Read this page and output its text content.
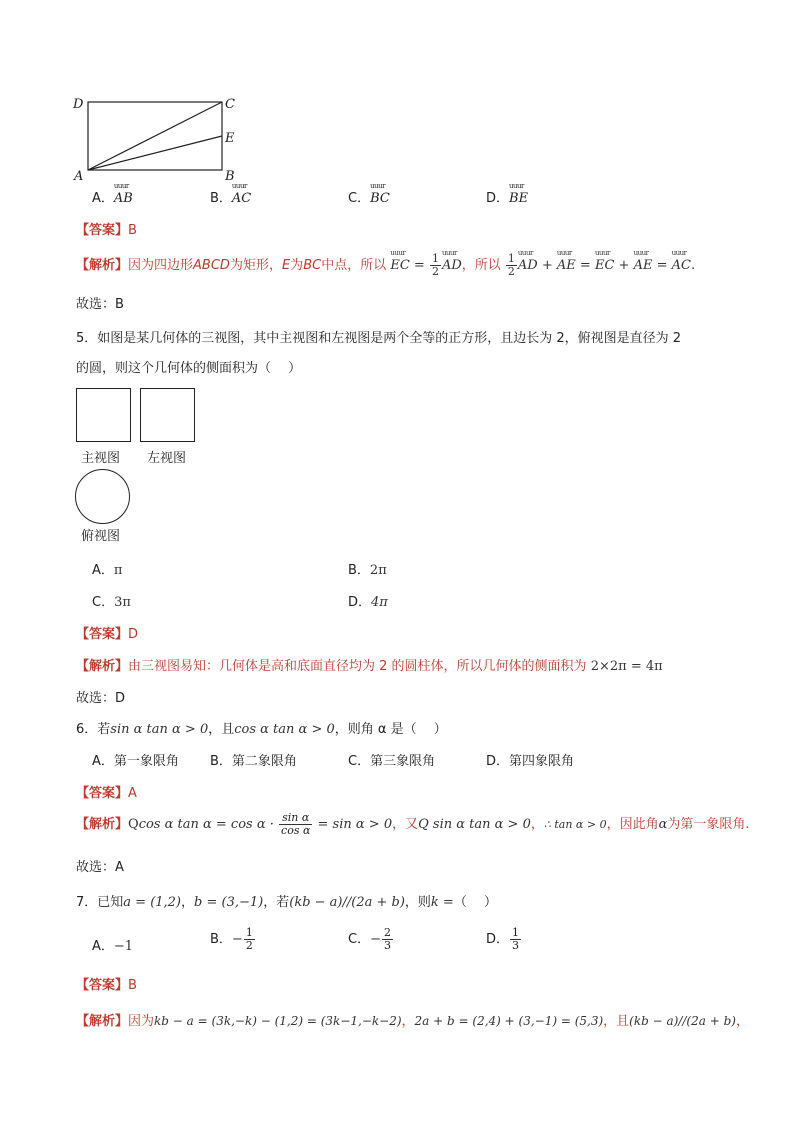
D	C
E
A	B
A．uuur AB	B．uuur AC	C．uuur BC	D．uuur BE
【答案】B
【解析】因为四边形ABCD为矩形，E为BC中点，所以 uuur EC = $\frac{1}{2}$ uuur AD，所以 $\frac{1}{2}$ uuur AD + uuur AE = uuur EC + uuur AE = uuur AC.
故选：B
5．如图是某几何体的三视图，其中主视图和左视图是两个全等的正方形，且边长为 2，俯视图是直径为 2
的圆，则这个几何体的侧面积为（　 ）
主视图 左视图
俯视图
A．π	B．2π
C．3π	D．4π
【答案】D
【解析】由三视图易知：几何体是高和底面直径均为 2 的圆柱体，所以几何体的侧面积为 2×2π = 4π
故选：D
6．若sin α tan α > 0，且cos α tan α > 0，则角 α 是（　 ）
A．第一象限角 B．第二象限角	C．第三象限角	D．第四象限角
【答案】A
【解析】Qcos α $\tan \alpha = \cos \alpha \cdot \frac{\text{sin α}}{\text{cos α}} = \sin \alpha > 0$，又Q sin α tan α > 0，∴ tan α > 0，因此角α为第一象限角.
故选：A
7．已知a = (1,2)，b = (3,−1)，若(kb − a)//(2a + b)，则k =（　 ）
A．−1	B．− $\frac{1}{2}$	C．− $\frac{2}{3}$	D． $\frac{1}{3}$
【答案】B
【解析】因为kb − a = (3k,−k) − (1,2) = (3k−1,−k−2)，2a + b = (2,4) + (3,−1) = (5,3)，且(kb − a)//(2a + b)，
